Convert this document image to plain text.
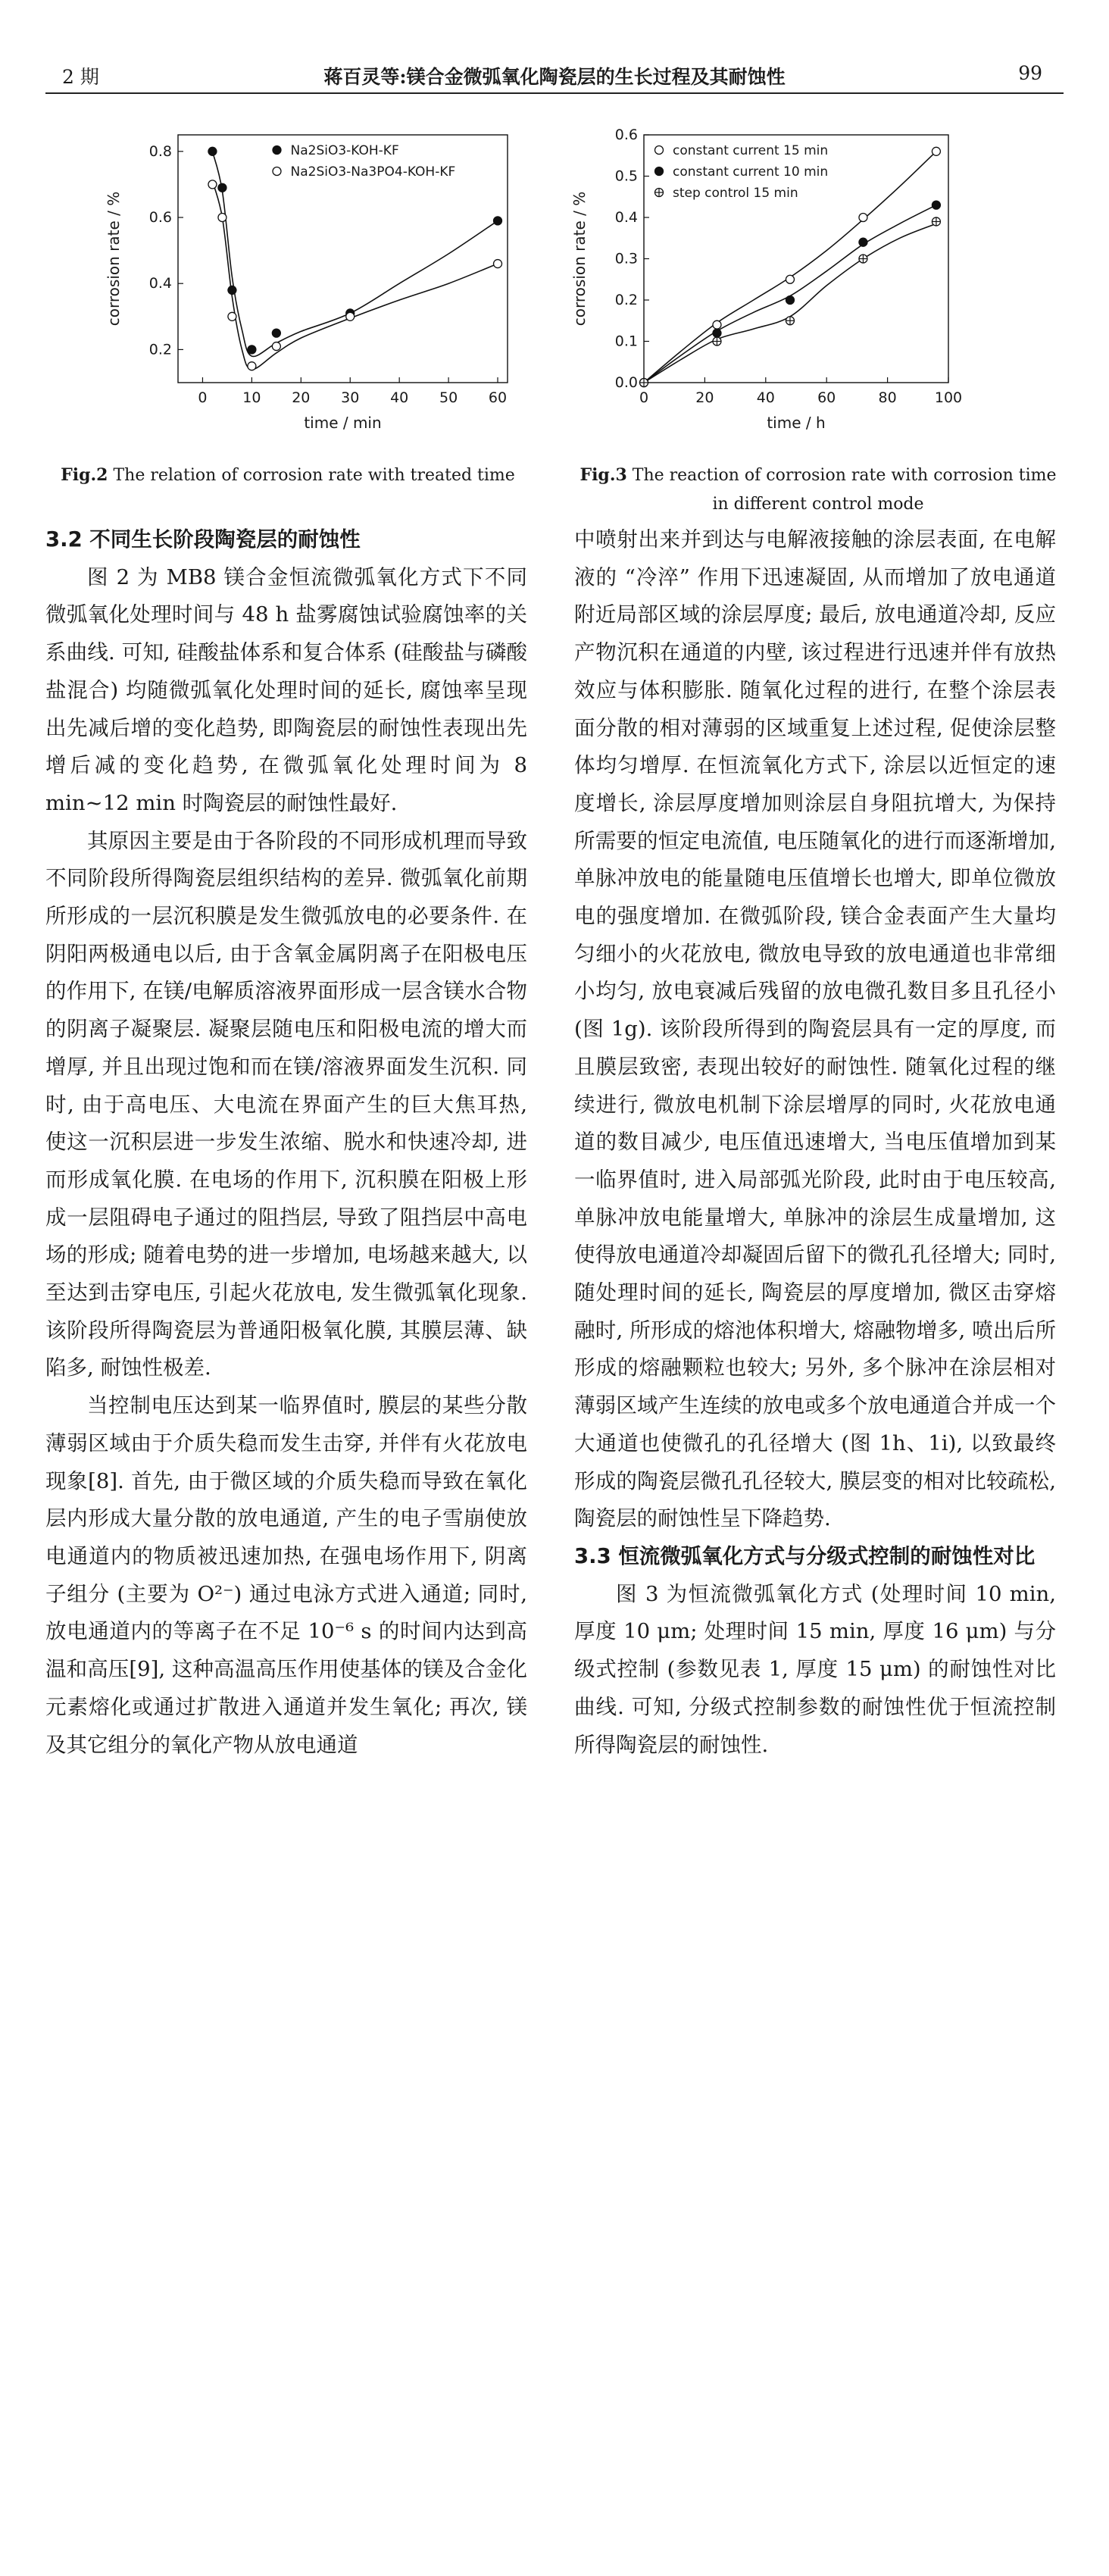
2 期	蒋百灵等:镁合金微弧氧化陶瓷层的生长过程及其耐蚀性	99
0 10 20 30 40 50 60
0.2
0.4
0.6
0.8
time / min
corrosion rate / %
Na2SiO3-KOH-KF
Na2SiO3-Na3PO4-KOH-KF
Fig.2 The relation of corrosion rate with treated time
0	20	40	60	80	100
0.0
0.1
0.2
0.3
0.4
0.5
0.6
time / h
corrosion rate / %
constant current 15 min
constant current 10 min
step control 15 min
Fig.3 The reaction of corrosion rate with corrosion time in different control mode
3.2 不同生长阶段陶瓷层的耐蚀性

图 2 为 MB8 镁合金恒流微弧氧化方式下不同微弧氧化处理时间与 48 h 盐雾腐蚀试验腐蚀率的关系曲线. 可知, 硅酸盐体系和复合体系 (硅酸盐与磷酸盐混合) 均随微弧氧化处理时间的延长, 腐蚀率呈现出先减后增的变化趋势, 即陶瓷层的耐蚀性表现出先增后减的变化趋势, 在微弧氧化处理时间为 8 min~12 min 时陶瓷层的耐蚀性最好.

其原因主要是由于各阶段的不同形成机理而导致不同阶段所得陶瓷层组织结构的差异. 微弧氧化前期所形成的一层沉积膜是发生微弧放电的必要条件. 在阴阳两极通电以后, 由于含氧金属阴离子在阳极电压的作用下, 在镁/电解质溶液界面形成一层含镁水合物的阴离子凝聚层. 凝聚层随电压和阳极电流的增大而增厚, 并且出现过饱和而在镁/溶液界面发生沉积. 同时, 由于高电压、大电流在界面产生的巨大焦耳热, 使这一沉积层进一步发生浓缩、脱水和快速冷却, 进而形成氧化膜. 在电场的作用下, 沉积膜在阳极上形成一层阻碍电子通过的阻挡层, 导致了阻挡层中高电场的形成; 随着电势的进一步增加, 电场越来越大, 以至达到击穿电压, 引起火花放电, 发生微弧氧化现象. 该阶段所得陶瓷层为普通阳极氧化膜, 其膜层薄、缺陷多, 耐蚀性极差.

当控制电压达到某一临界值时, 膜层的某些分散薄弱区域由于介质失稳而发生击穿, 并伴有火花放电现象[8]. 首先, 由于微区域的介质失稳而导致在氧化层内形成大量分散的放电通道, 产生的电子雪崩使放电通道内的物质被迅速加热, 在强电场作用下, 阴离子组分 (主要为 O²⁻) 通过电泳方式进入通道; 同时, 放电通道内的等离子在不足 10⁻⁶ s 的时间内达到高温和高压[9], 这种高温高压作用使基体的镁及合金化元素熔化或通过扩散进入通道并发生氧化; 再次, 镁及其它组分的氧化产物从放电通道

中喷射出来并到达与电解液接触的涂层表面, 在电解液的 “冷淬” 作用下迅速凝固, 从而增加了放电通道附近局部区域的涂层厚度; 最后, 放电通道冷却, 反应产物沉积在通道的内壁, 该过程进行迅速并伴有放热效应与体积膨胀. 随氧化过程的进行, 在整个涂层表面分散的相对薄弱的区域重复上述过程, 促使涂层整体均匀增厚. 在恒流氧化方式下, 涂层以近恒定的速度增长, 涂层厚度增加则涂层自身阻抗增大, 为保持所需要的恒定电流值, 电压随氧化的进行而逐渐增加, 单脉冲放电的能量随电压值增长也增大, 即单位微放电的强度增加. 在微弧阶段, 镁合金表面产生大量均匀细小的火花放电, 微放电导致的放电通道也非常细小均匀, 放电衰减后残留的放电微孔数目多且孔径小 (图 1g). 该阶段所得到的陶瓷层具有一定的厚度, 而且膜层致密, 表现出较好的耐蚀性. 随氧化过程的继续进行, 微放电机制下涂层增厚的同时, 火花放电通道的数目减少, 电压值迅速增大, 当电压值增加到某一临界值时, 进入局部弧光阶段, 此时由于电压较高, 单脉冲放电能量增大, 单脉冲的涂层生成量增加, 这使得放电通道冷却凝固后留下的微孔孔径增大; 同时, 随处理时间的延长, 陶瓷层的厚度增加, 微区击穿熔融时, 所形成的熔池体积增大, 熔融物增多, 喷出后所形成的熔融颗粒也较大; 另外, 多个脉冲在涂层相对薄弱区域产生连续的放电或多个放电通道合并成一个大通道也使微孔的孔径增大 (图 1h、1i), 以致最终形成的陶瓷层微孔孔径较大, 膜层变的相对比较疏松, 陶瓷层的耐蚀性呈下降趋势.

3.3 恒流微弧氧化方式与分级式控制的耐蚀性对比

图 3 为恒流微弧氧化方式 (处理时间 10 min, 厚度 10 μm; 处理时间 15 min, 厚度 16 μm) 与分级式控制 (参数见表 1, 厚度 15 μm) 的耐蚀性对比曲线. 可知, 分级式控制参数的耐蚀性优于恒流控制所得陶瓷层的耐蚀性.
